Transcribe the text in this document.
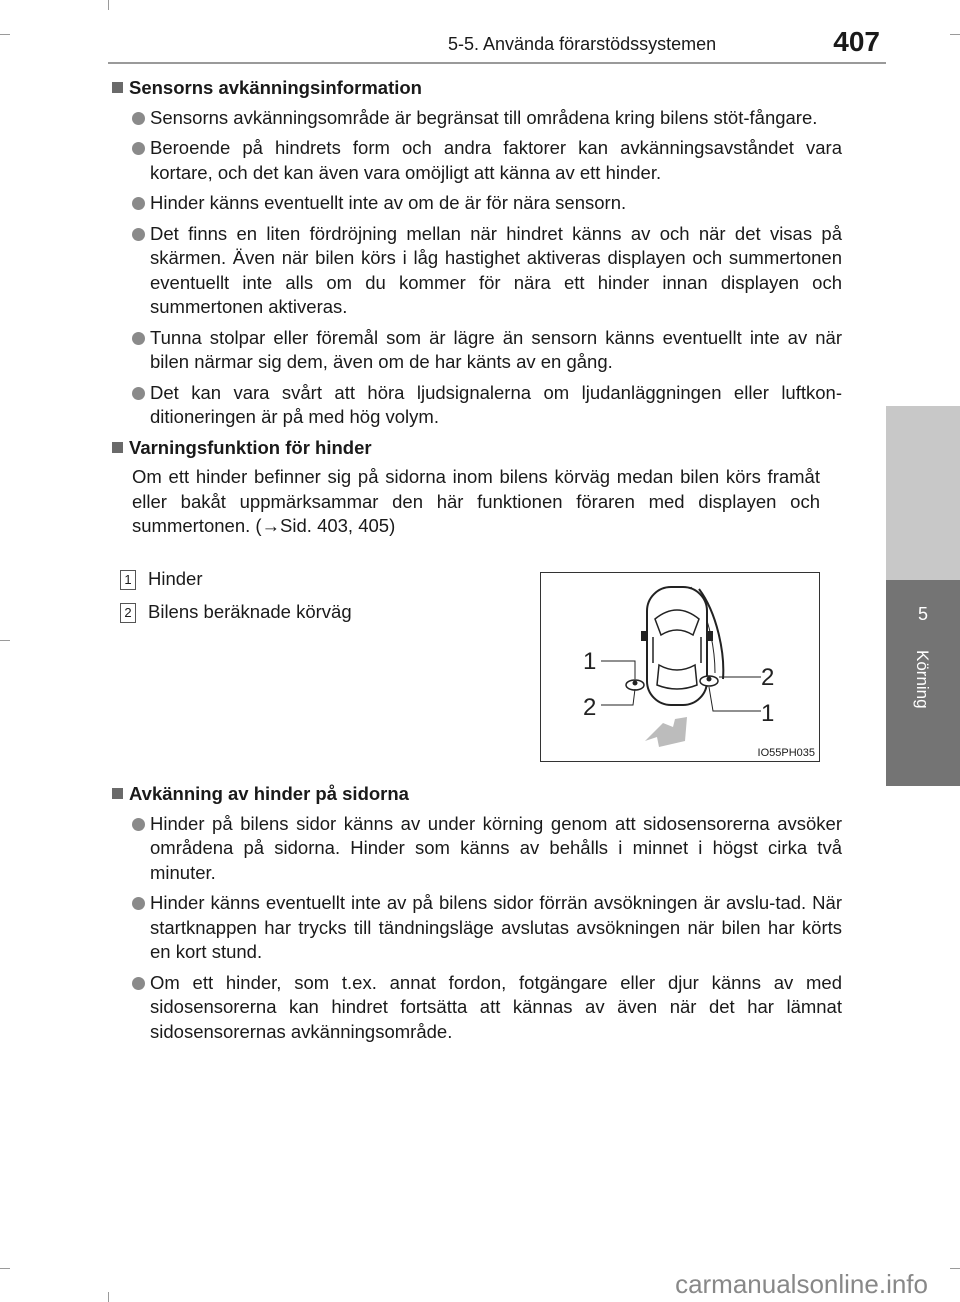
5-5. Använda förarstödssystemen	407
5
Körning
Sensorns avkänningsinformation
Sensorns avkänningsområde är begränsat till områdena kring bilens stöt-fångare.
Beroende på hindrets form och andra faktorer kan avkänningsavståndet vara kortare, och det kan även vara omöjligt att känna av ett hinder.
Hinder känns eventuellt inte av om de är för nära sensorn.
Det finns en liten fördröjning mellan när hindret känns av och när det visas på skärmen. Även när bilen körs i låg hastighet aktiveras displayen och summertonen eventuellt inte alls om du kommer för nära ett hinder innan displayen och summertonen aktiveras.
Tunna stolpar eller föremål som är lägre än sensorn känns eventuellt inte av när bilen närmar sig dem, även om de har känts av en gång.
Det kan vara svårt att höra ljudsignalerna om ljudanläggningen eller luftkon-ditioneringen är på med hög volym.
Varningsfunktion för hinder
Om ett hinder befinner sig på sidorna inom bilens körväg medan bilen körs framåt eller bakåt uppmärksammar den här funktionen föraren med displayen och summertonen. (→Sid. 403, 405)
1 Hinder
2 Bilens beräknade körväg
1
2
2
1
IO55PH035
Avkänning av hinder på sidorna
Hinder på bilens sidor känns av under körning genom att sidosensorerna avsöker områdena på sidorna. Hinder som känns av behålls i minnet i högst cirka två minuter.
Hinder känns eventuellt inte av på bilens sidor förrän avsökningen är avslu-tad. När startknappen har trycks till tändningsläge avslutas avsökningen när bilen har körts en kort stund.
Om ett hinder, som t.ex. annat fordon, fotgängare eller djur känns av med sidosensorerna kan hindret fortsätta att kännas av även när det har lämnat sidosensorernas avkänningsområde.
carmanualsonline.info
